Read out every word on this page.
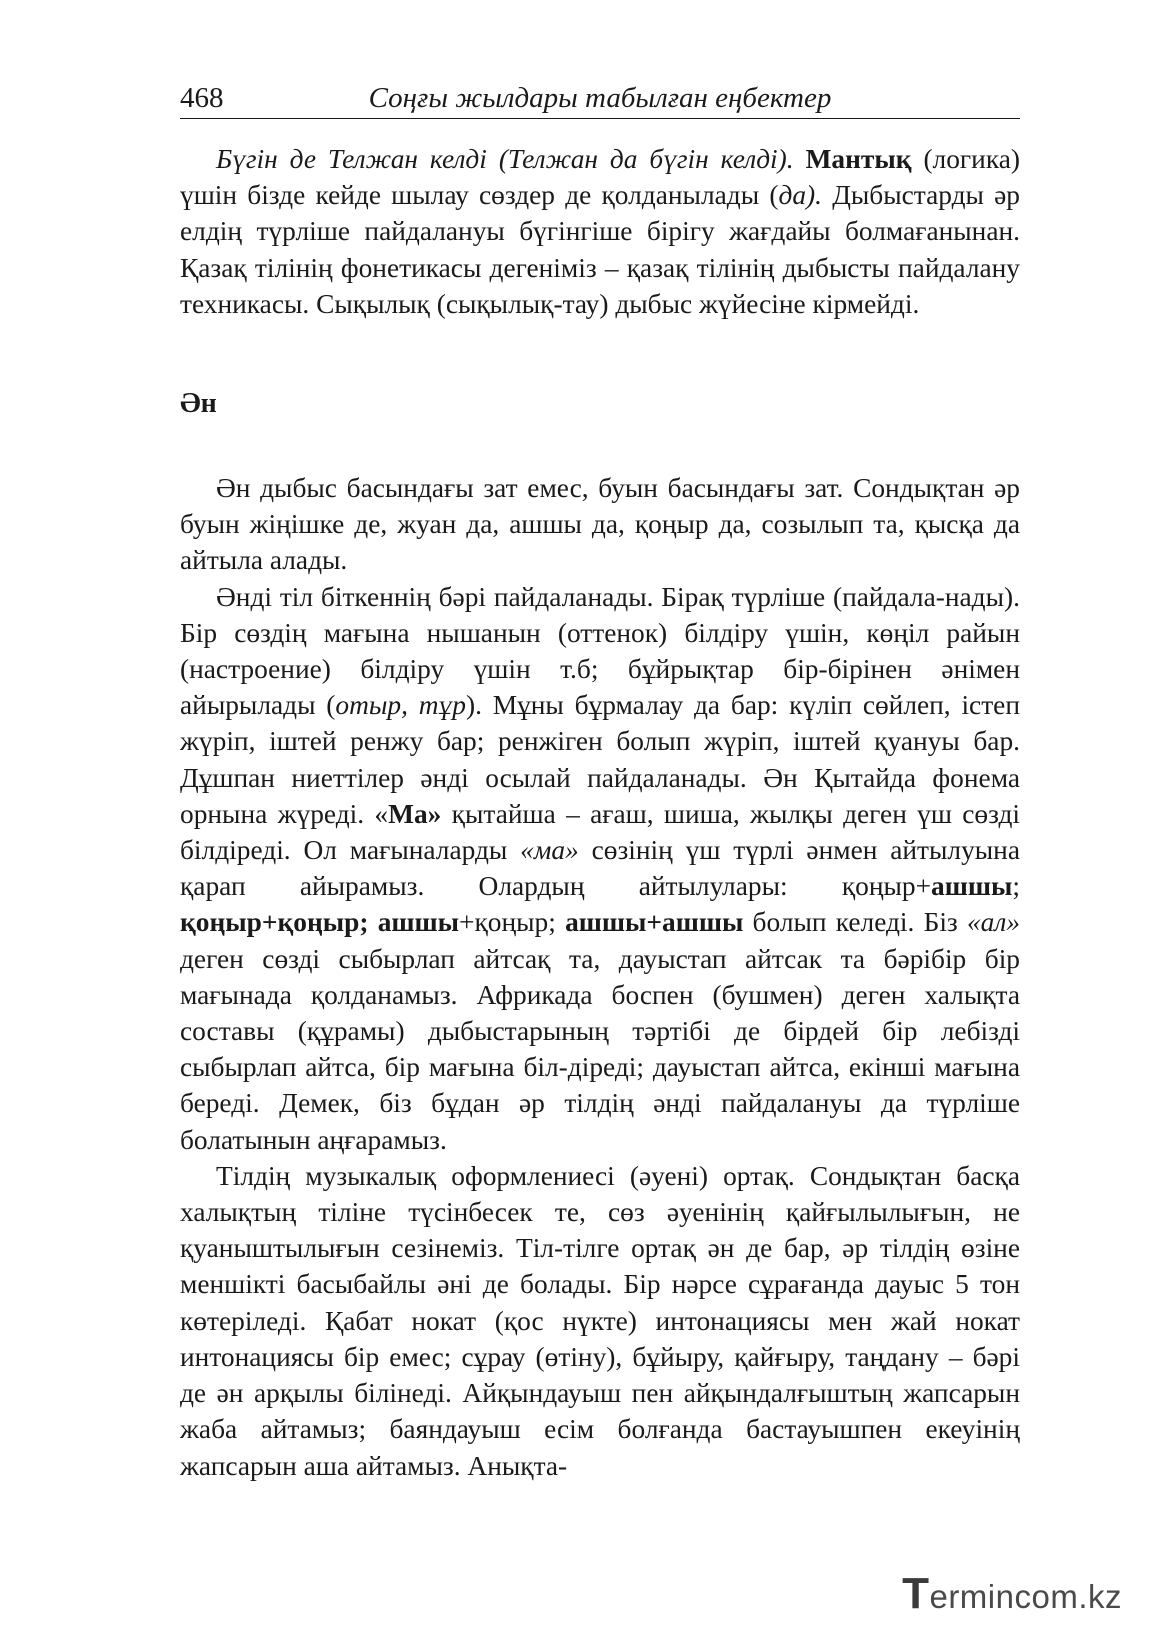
468	Соңғы жылдары табылған еңбектер

Бүгін де Телжан келді (Телжан да бүгін келді). Мантық (логика) үшін бізде кейде шылау сөздер де қолданылады (да). Дыбыстарды әр елдің түрліше пайдалануы бүгінгіше бірігу жағдайы болмағанынан. Қазақ тілінің фонетикасы дегеніміз – қазақ тілінің дыбысты пайдалану техникасы. Сықылық (сықылық-тау) дыбыс жүйесіне кірмейді.

Ән

Ән дыбыс басындағы зат емес, буын басындағы зат. Сондықтан әр буын жіңішке де, жуан да, ашшы да, қоңыр да, созылып та, қысқа да айтыла алады.

Әнді тіл біткеннің бәрі пайдаланады. Бірақ түрліше (пайдала-нады). Бір сөздің мағына нышанын (оттенок) білдіру үшін, көңіл райын (настроение) білдіру үшін т.б; бұйрықтар бір-бірінен әнімен айырылады (отыр, тұр). Мұны бұрмалау да бар: күліп сөйлеп, істеп жүріп, іштей ренжу бар; ренжіген болып жүріп, іштей қуануы бар. Дұшпан ниеттілер әнді осылай пайдаланады. Ән Қытайда фонема орнына жүреді. «Ма» қытайша – ағаш, шиша, жылқы деген үш сөзді білдіреді. Ол мағыналарды «ма» сөзінің үш түрлі әнмен айтылуына қарап айырамыз. Олардың айтылулары: қоңыр+ашшы; қоңыр+қоңыр; ашшы+қоңыр; ашшы+ашшы болып келеді. Біз «ал» деген сөзді сыбырлап айтсақ та, дауыстап айтсак та бәрібір бір мағынада қолданамыз. Африкада боспен (бушмен) деген халықта составы (құрамы) дыбыстарының тәртібі де бірдей бір лебізді сыбырлап айтса, бір мағына біл-діреді; дауыстап айтса, екінші мағына береді. Демек, біз бұдан әр тілдің әнді пайдалануы да түрліше болатынын аңғарамыз.

Тілдің музыкалық оформлениесі (әуені) ортақ. Сондықтан басқа халықтың тіліне түсінбесек те, сөз әуенінің қайғылылығын, не қуаныштылығын сезінеміз. Тіл-тілге ортақ ән де бар, әр тілдің өзіне меншікті басыбайлы әні де болады. Бір нәрсе сұрағанда дауыс 5 тон көтеріледі. Қабат нокат (қос нүкте) интонациясы мен жай нокат интонациясы бір емес; сұрау (өтіну), бұйыру, қайғыру, таңдану – бәрі де ән арқылы білінеді. Айқындауыш пен айқындалғыштың жапсарын жаба айтамыз; баяндауыш есім болғанда бастауышпен екеуінің жапсарын аша айтамыз. Анықта-

Termincom.kz
